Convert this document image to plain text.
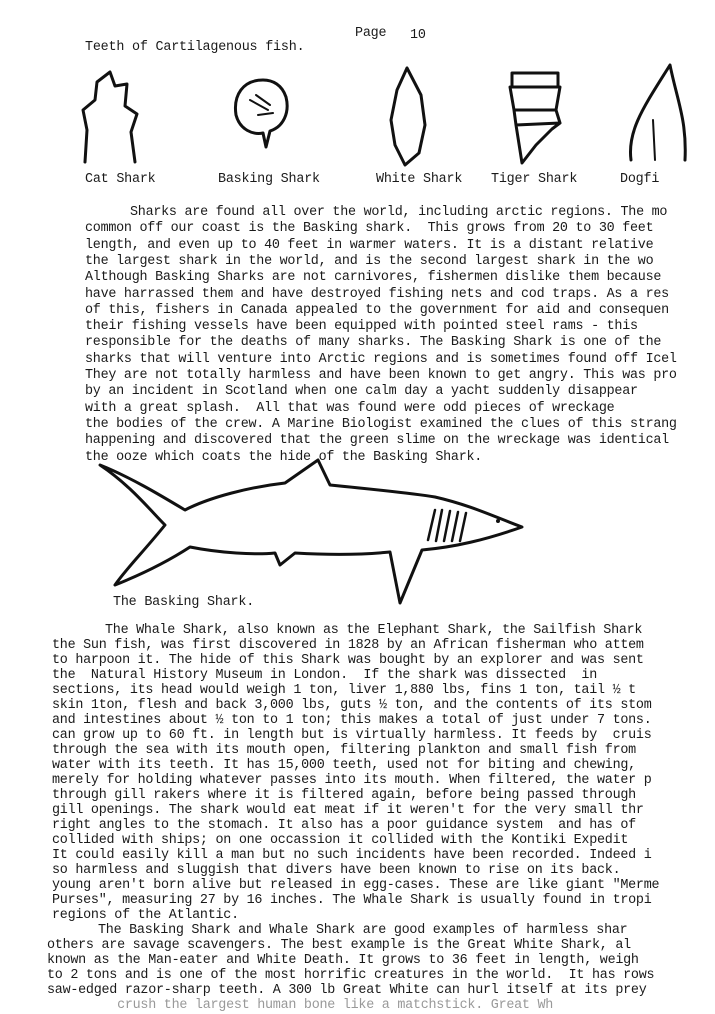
Page 10
Teeth of Cartilagenous fish.
Cat Shark	Basking Shark	White Shark Tiger Shark	Dogfi
Sharks are found all over the world, including arctic regions. The mo
common off our coast is the Basking shark.  This grows from 20 to 30 feet
length, and even up to 40 feet in warmer waters. It is a distant relative
the largest shark in the world, and is the second largest shark in the wo
Although Basking Sharks are not carnivores, fishermen dislike them because
have harrassed them and have destroyed fishing nets and cod traps. As a res
of this, fishers in Canada appealed to the government for aid and consequen
their fishing vessels have been equipped with pointed steel rams - this
responsible for the deaths of many sharks. The Basking Shark is one of the
sharks that will venture into Arctic regions and is sometimes found off Icel
They are not totally harmless and have been known to get angry. This was pro
by an incident in Scotland when one calm day a yacht suddenly disappear
with a great splash.  All that was found were odd pieces of wreckage
the bodies of the crew. A Marine Biologist examined the clues of this strang
happening and discovered that the green slime on the wreckage was identical
the ooze which coats the hide of the Basking Shark.
The Basking Shark.
The Whale Shark, also known as the Elephant Shark, the Sailfish Shark
the Sun fish, was first discovered in 1828 by an African fisherman who attem
to harpoon it. The hide of this Shark was bought by an explorer and was sent
the  Natural History Museum in London.  If the shark was dissected  in
sections, its head would weigh 1 ton, liver 1,880 lbs, fins 1 ton, tail ½ t
skin 1ton, flesh and back 3,000 lbs, guts ½ ton, and the contents of its stom
and intestines about ½ ton to 1 ton; this makes a total of just under 7 tons.
can grow up to 60 ft. in length but is virtually harmless. It feeds by  cruis
through the sea with its mouth open, filtering plankton and small fish from
water with its teeth. It has 15,000 teeth, used not for biting and chewing,
merely for holding whatever passes into its mouth. When filtered, the water p
through gill rakers where it is filtered again, before being passed through
gill openings. The shark would eat meat if it weren't for the very small thr
right angles to the stomach. It also has a poor guidance system  and has of
collided with ships; on one occassion it collided with the Kontiki Expedit
It could easily kill a man but no such incidents have been recorded. Indeed i
so harmless and sluggish that divers have been known to rise on its back.
young aren't born alive but released in egg-cases. These are like giant "Merme
Purses", measuring 27 by 16 inches. The Whale Shark is usually found in tropi
regions of the Atlantic.
The Basking Shark and Whale Shark are good examples of harmless shar
others are savage scavengers. The best example is the Great White Shark, al
known as the Man-eater and White Death. It grows to 36 feet in length, weigh
to 2 tons and is one of the most horrific creatures in the world.  It has rows
saw-edged razor-sharp teeth. A 300 lb Great White can hurl itself at its prey
crush the largest human bone like a matchstick. Great Wh
